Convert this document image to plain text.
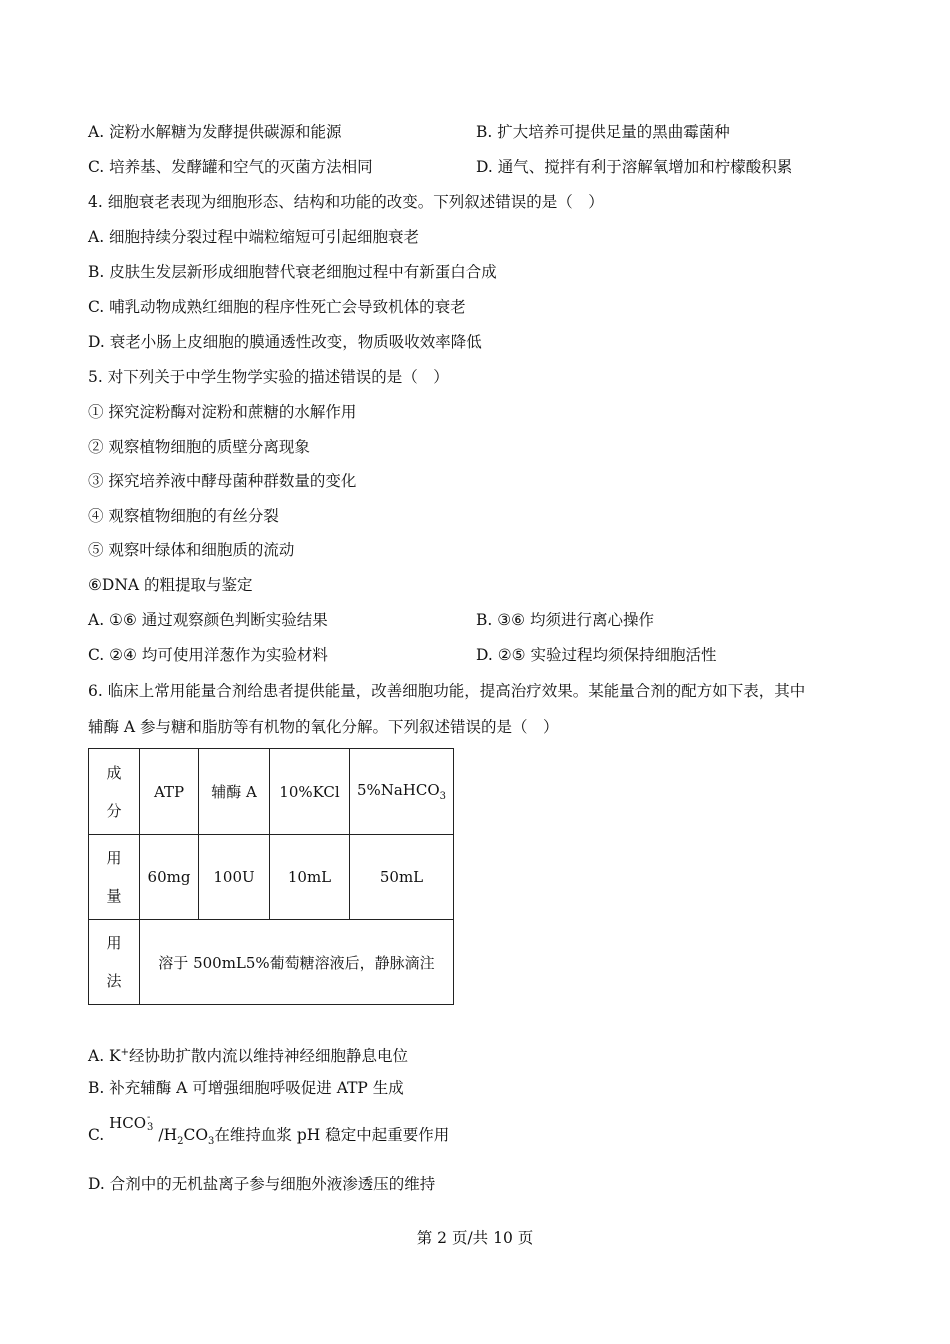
A. 淀粉水解糖为发酵提供碳源和能源	B. 扩大培养可提供足量的黑曲霉菌种
C. 培养基、发酵罐和空气的灭菌方法相同	D. 通气、搅拌有利于溶解氧增加和柠檬酸积累
4. 细胞衰老表现为细胞形态、结构和功能的改变。下列叙述错误的是（　）
A. 细胞持续分裂过程中端粒缩短可引起细胞衰老
B. 皮肤生发层新形成细胞替代衰老细胞过程中有新蛋白合成
C. 哺乳动物成熟红细胞的程序性死亡会导致机体的衰老
D. 衰老小肠上皮细胞的膜通透性改变，物质吸收效率降低
5. 对下列关于中学生物学实验的描述错误的是（　）
① 探究淀粉酶对淀粉和蔗糖的水解作用
② 观察植物细胞的质壁分离现象
③ 探究培养液中酵母菌种群数量的变化
④ 观察植物细胞的有丝分裂
⑤ 观察叶绿体和细胞质的流动
⑥DNA 的粗提取与鉴定
A. ①⑥ 通过观察颜色判断实验结果	B. ③⑥ 均须进行离心操作
C. ②④ 均可使用洋葱作为实验材料	D. ②⑤ 实验过程均须保持细胞活性
6. 临床上常用能量合剂给患者提供能量，改善细胞功能，提高治疗效果。某能量合剂的配方如下表，其中
辅酶 A 参与糖和脂肪等有机物的氧化分解。下列叙述错误的是（　）
成
分	ATP	辅酶 A	10%KCl	5%NaHCO$_3$

用
量	60mg	100U	10mL	50mL

用
法	溶于 500mL5%葡萄糖溶液后，静脉滴注			
A. K+经协助扩散内流以维持神经细胞静息电位
B. 补充辅酶 A 可增强细胞呼吸促进 ATP 生成
C. HCO -
3 $/H_2CO_3$在维持血浆 pH 稳定中起重要作用
D. 合剂中的无机盐离子参与细胞外液渗透压的维持
第 2 页/共 10 页
